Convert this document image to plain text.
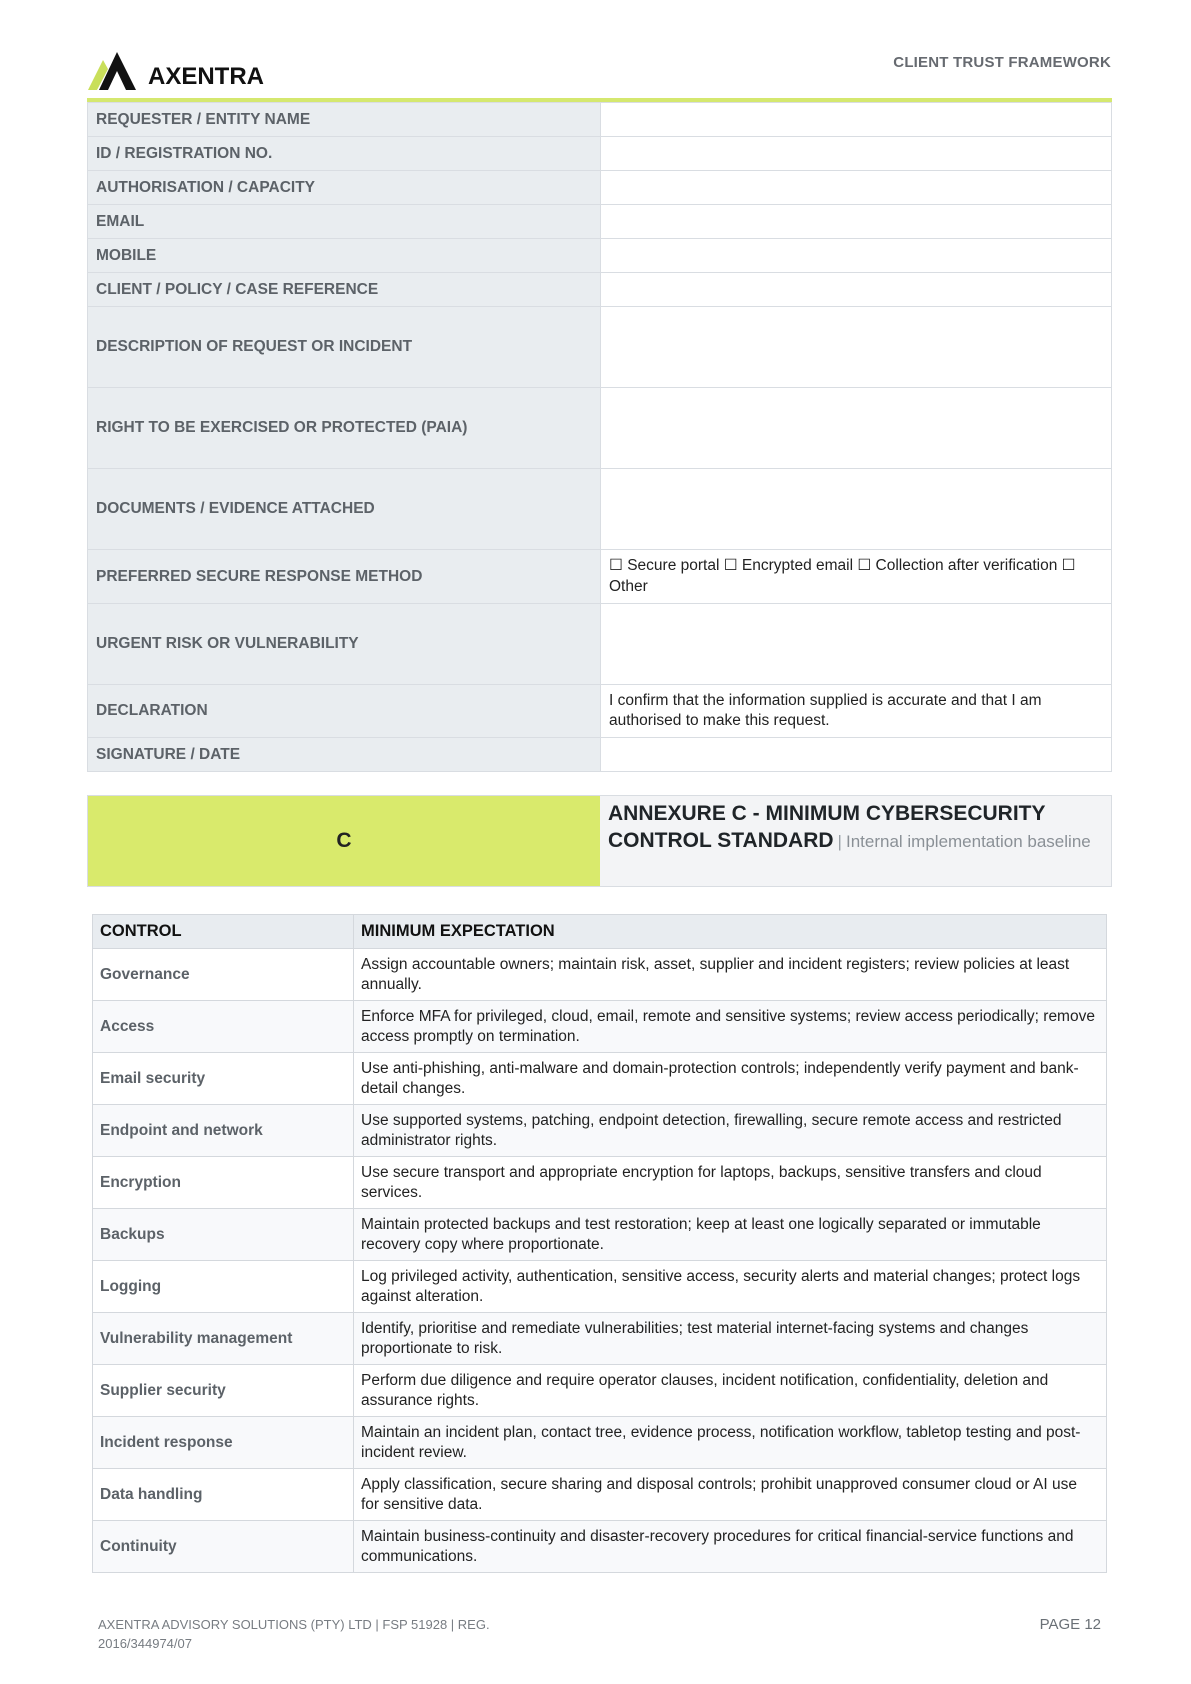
AXENTRA
CLIENT TRUST FRAMEWORK
REQUESTER / ENTITY NAME	
ID / REGISTRATION NO.	
AUTHORISATION / CAPACITY	
EMAIL	
MOBILE	
CLIENT / POLICY / CASE REFERENCE	
DESCRIPTION OF REQUEST OR INCIDENT	
RIGHT TO BE EXERCISED OR PROTECTED (PAIA)	
DOCUMENTS / EVIDENCE ATTACHED	
PREFERRED SECURE RESPONSE METHOD	☐ Secure portal ☐ Encrypted email ☐ Collection after verification ☐ Other
URGENT RISK OR VULNERABILITY	
DECLARATION	I confirm that the information supplied is accurate and that I am authorised to make this request.
SIGNATURE / DATE	
C
ANNEXURE C - MINIMUM CYBERSECURITY CONTROL STANDARD | Internal implementation baseline
CONTROL	MINIMUM EXPECTATION
Governance	Assign accountable owners; maintain risk, asset, supplier and incident registers; review policies at least annually.
Access	Enforce MFA for privileged, cloud, email, remote and sensitive systems; review access periodically; remove access promptly on termination.
Email security	Use anti-phishing, anti-malware and domain-protection controls; independently verify payment and bank-detail changes.
Endpoint and network	Use supported systems, patching, endpoint detection, firewalling, secure remote access and restricted administrator rights.
Encryption	Use secure transport and appropriate encryption for laptops, backups, sensitive transfers and cloud services.
Backups	Maintain protected backups and test restoration; keep at least one logically separated or immutable recovery copy where proportionate.
Logging	Log privileged activity, authentication, sensitive access, security alerts and material changes; protect logs against alteration.
Vulnerability management	Identify, prioritise and remediate vulnerabilities; test material internet-facing systems and changes proportionate to risk.
Supplier security	Perform due diligence and require operator clauses, incident notification, confidentiality, deletion and assurance rights.
Incident response	Maintain an incident plan, contact tree, evidence process, notification workflow, tabletop testing and post-incident review.
Data handling	Apply classification, secure sharing and disposal controls; prohibit unapproved consumer cloud or AI use for sensitive data.
Continuity	Maintain business-continuity and disaster-recovery procedures for critical financial-service functions and communications.
AXENTRA ADVISORY SOLUTIONS (PTY) LTD | FSP 51928 | REG. 2016/344974/07
PAGE 12
